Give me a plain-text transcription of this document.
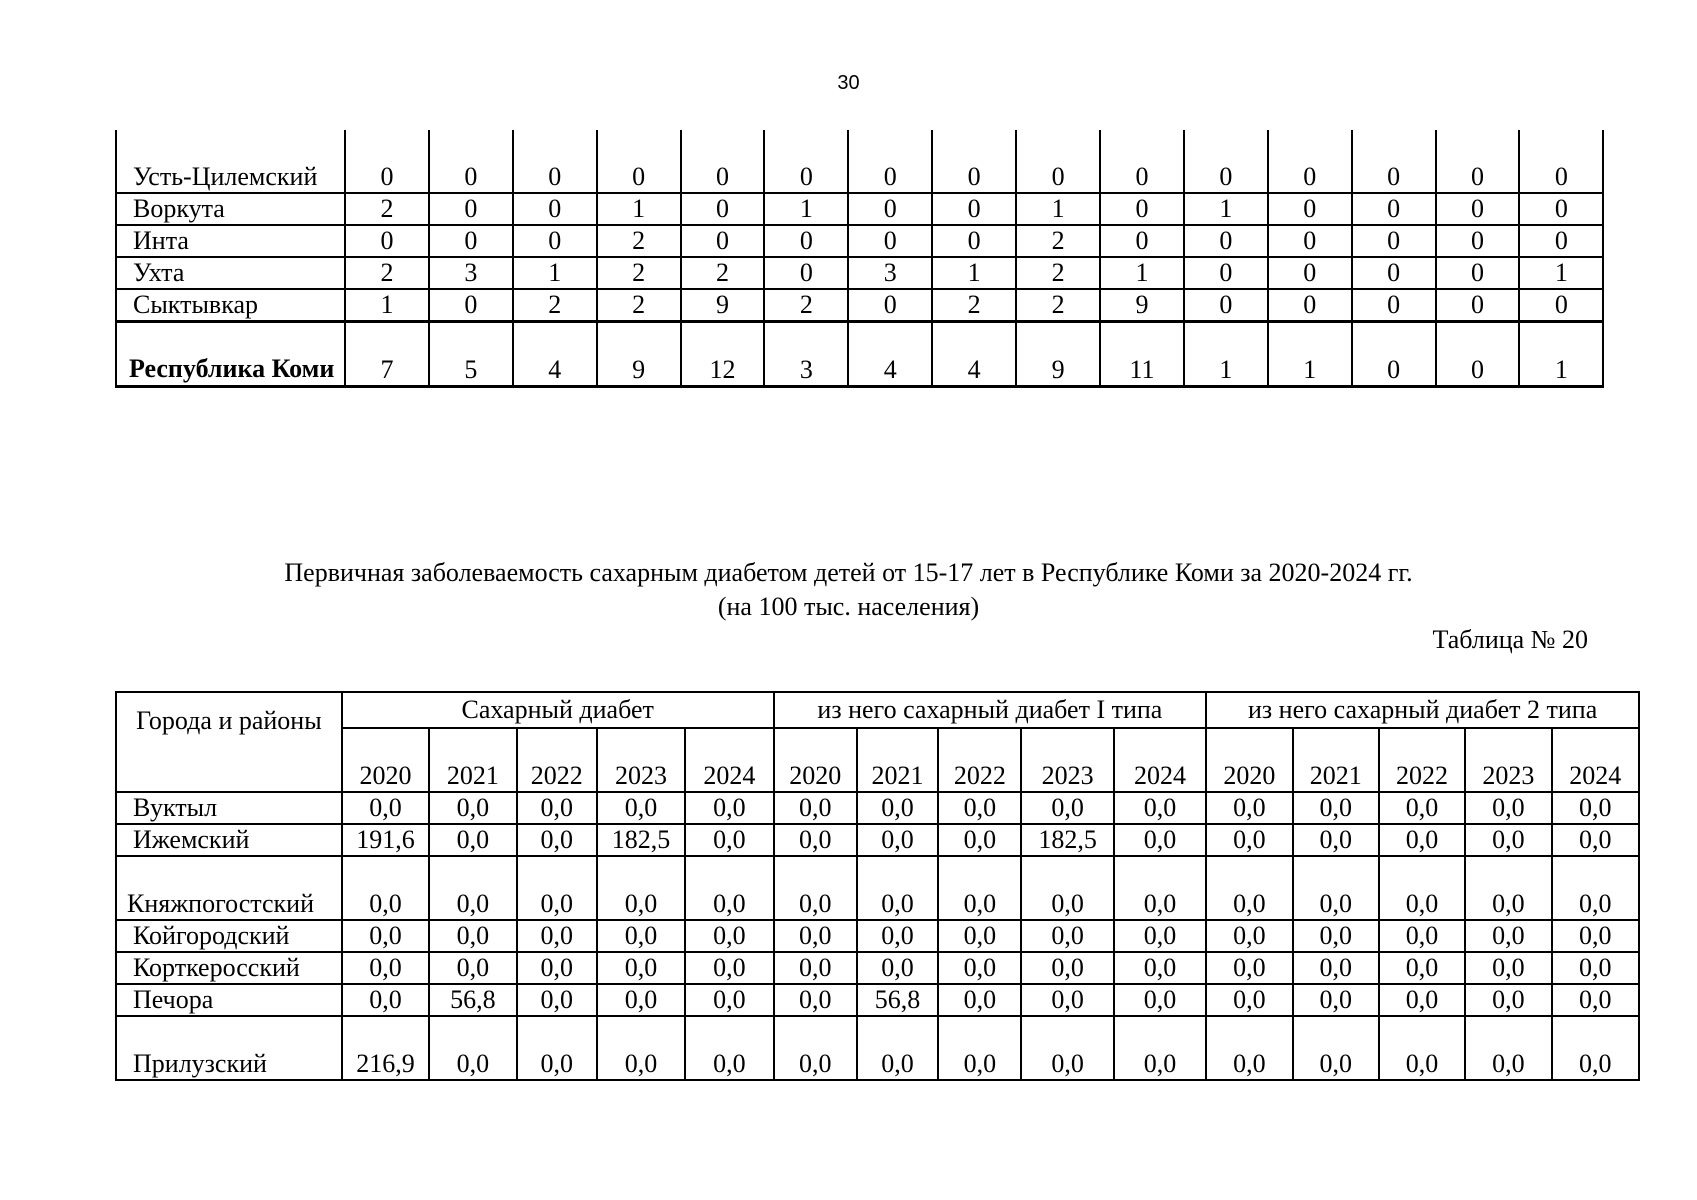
30
Усть-Цилемский	0	0	0	0	0	0	0	0	0	0	0	0	0	0	0
Воркута	2	0	0	1	0	1	0	0	1	0	1	0	0	0	0
Инта	0	0	0	2	0	0	0	0	2	0	0	0	0	0	0
Ухта	2	3	1	2	2	0	3	1	2	1	0	0	0	0	1
Сыктывкар	1	0	2	2	9	2	0	2	2	9	0	0	0	0	0
Республика Коми	7	5	4	9	12	3	4	4	9	11	1	1	0	0	1
Первичная заболеваемость сахарным диабетом детей от 15-17 лет в Республике Коми за 2020-2024 гг.
(на 100 тыс. населения)
Таблица № 20
Города и районы	Сахарный диабет					из него сахарный диабет I типа					из него сахарный диабет 2 типа				
	2020	2021	2022	2023	2024	2020	2021	2022	2023	2024	2020	2021	2022	2023	2024
Вуктыл	0,0	0,0	0,0	0,0	0,0	0,0	0,0	0,0	0,0	0,0	0,0	0,0	0,0	0,0	0,0
Ижемский	191,6	0,0	0,0	182,5	0,0	0,0	0,0	0,0	182,5	0,0	0,0	0,0	0,0	0,0	0,0
Княжпогостский	0,0	0,0	0,0	0,0	0,0	0,0	0,0	0,0	0,0	0,0	0,0	0,0	0,0	0,0	0,0
Койгородский	0,0	0,0	0,0	0,0	0,0	0,0	0,0	0,0	0,0	0,0	0,0	0,0	0,0	0,0	0,0
Корткеросский	0,0	0,0	0,0	0,0	0,0	0,0	0,0	0,0	0,0	0,0	0,0	0,0	0,0	0,0	0,0
Печора	0,0	56,8	0,0	0,0	0,0	0,0	56,8	0,0	0,0	0,0	0,0	0,0	0,0	0,0	0,0
Прилузский	216,9	0,0	0,0	0,0	0,0	0,0	0,0	0,0	0,0	0,0	0,0	0,0	0,0	0,0	0,0
